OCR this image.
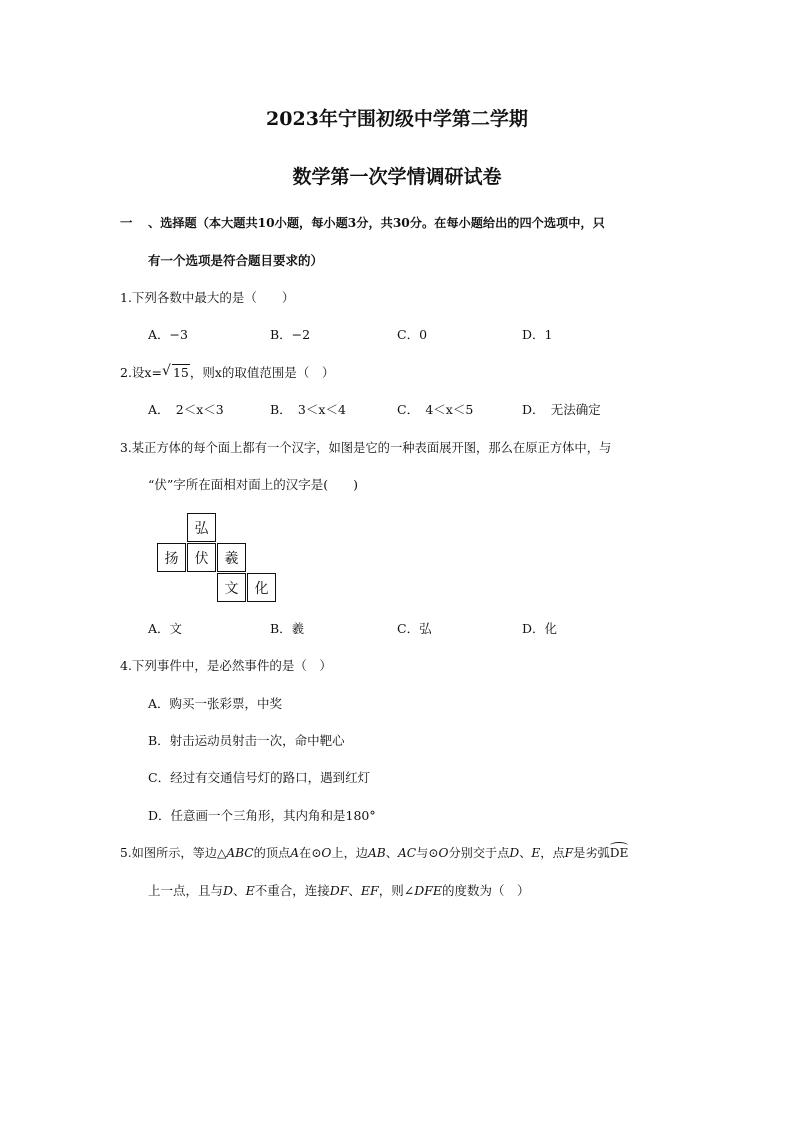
2023年宁围初级中学第二学期
数学第一次学情调研试卷
一 、选择题（本大题共10小题，每小题3分，共30分。在每小题给出的四个选项中，只
有一个选项是符合题目要求的）
1.下列各数中最大的是（　　）
A．−3	B．−2	C．0	D．1
2.设x= √ 15，则x的取值范围是（　）
A．　2＜x＜3	B．　3＜x＜4	C．　4＜x＜5	D．　无法确定
3.某正方体的每个面上都有一个汉字，如图是它的一种表面展开图，那么在原正方体中，与
“伏”字所在面相对面上的汉字是(　　)
弘
扬	伏	羲
文	化
A．文	B．羲	C．弘	D．化
4.下列事件中，是必然事件的是（　）
A．购买一张彩票，中奖
B．射击运动员射击一次，命中靶心
C．经过有交通信号灯的路口，遇到红灯
D．任意画一个三角形，其内角和是180°
5.如图所示，等边△ABC的顶点A在⊙O上，边AB、AC与⊙O分别交于点D、E，点F是劣弧DE
上一点，且与D、E不重合，连接DF、EF，则∠DFE的度数为（　）
